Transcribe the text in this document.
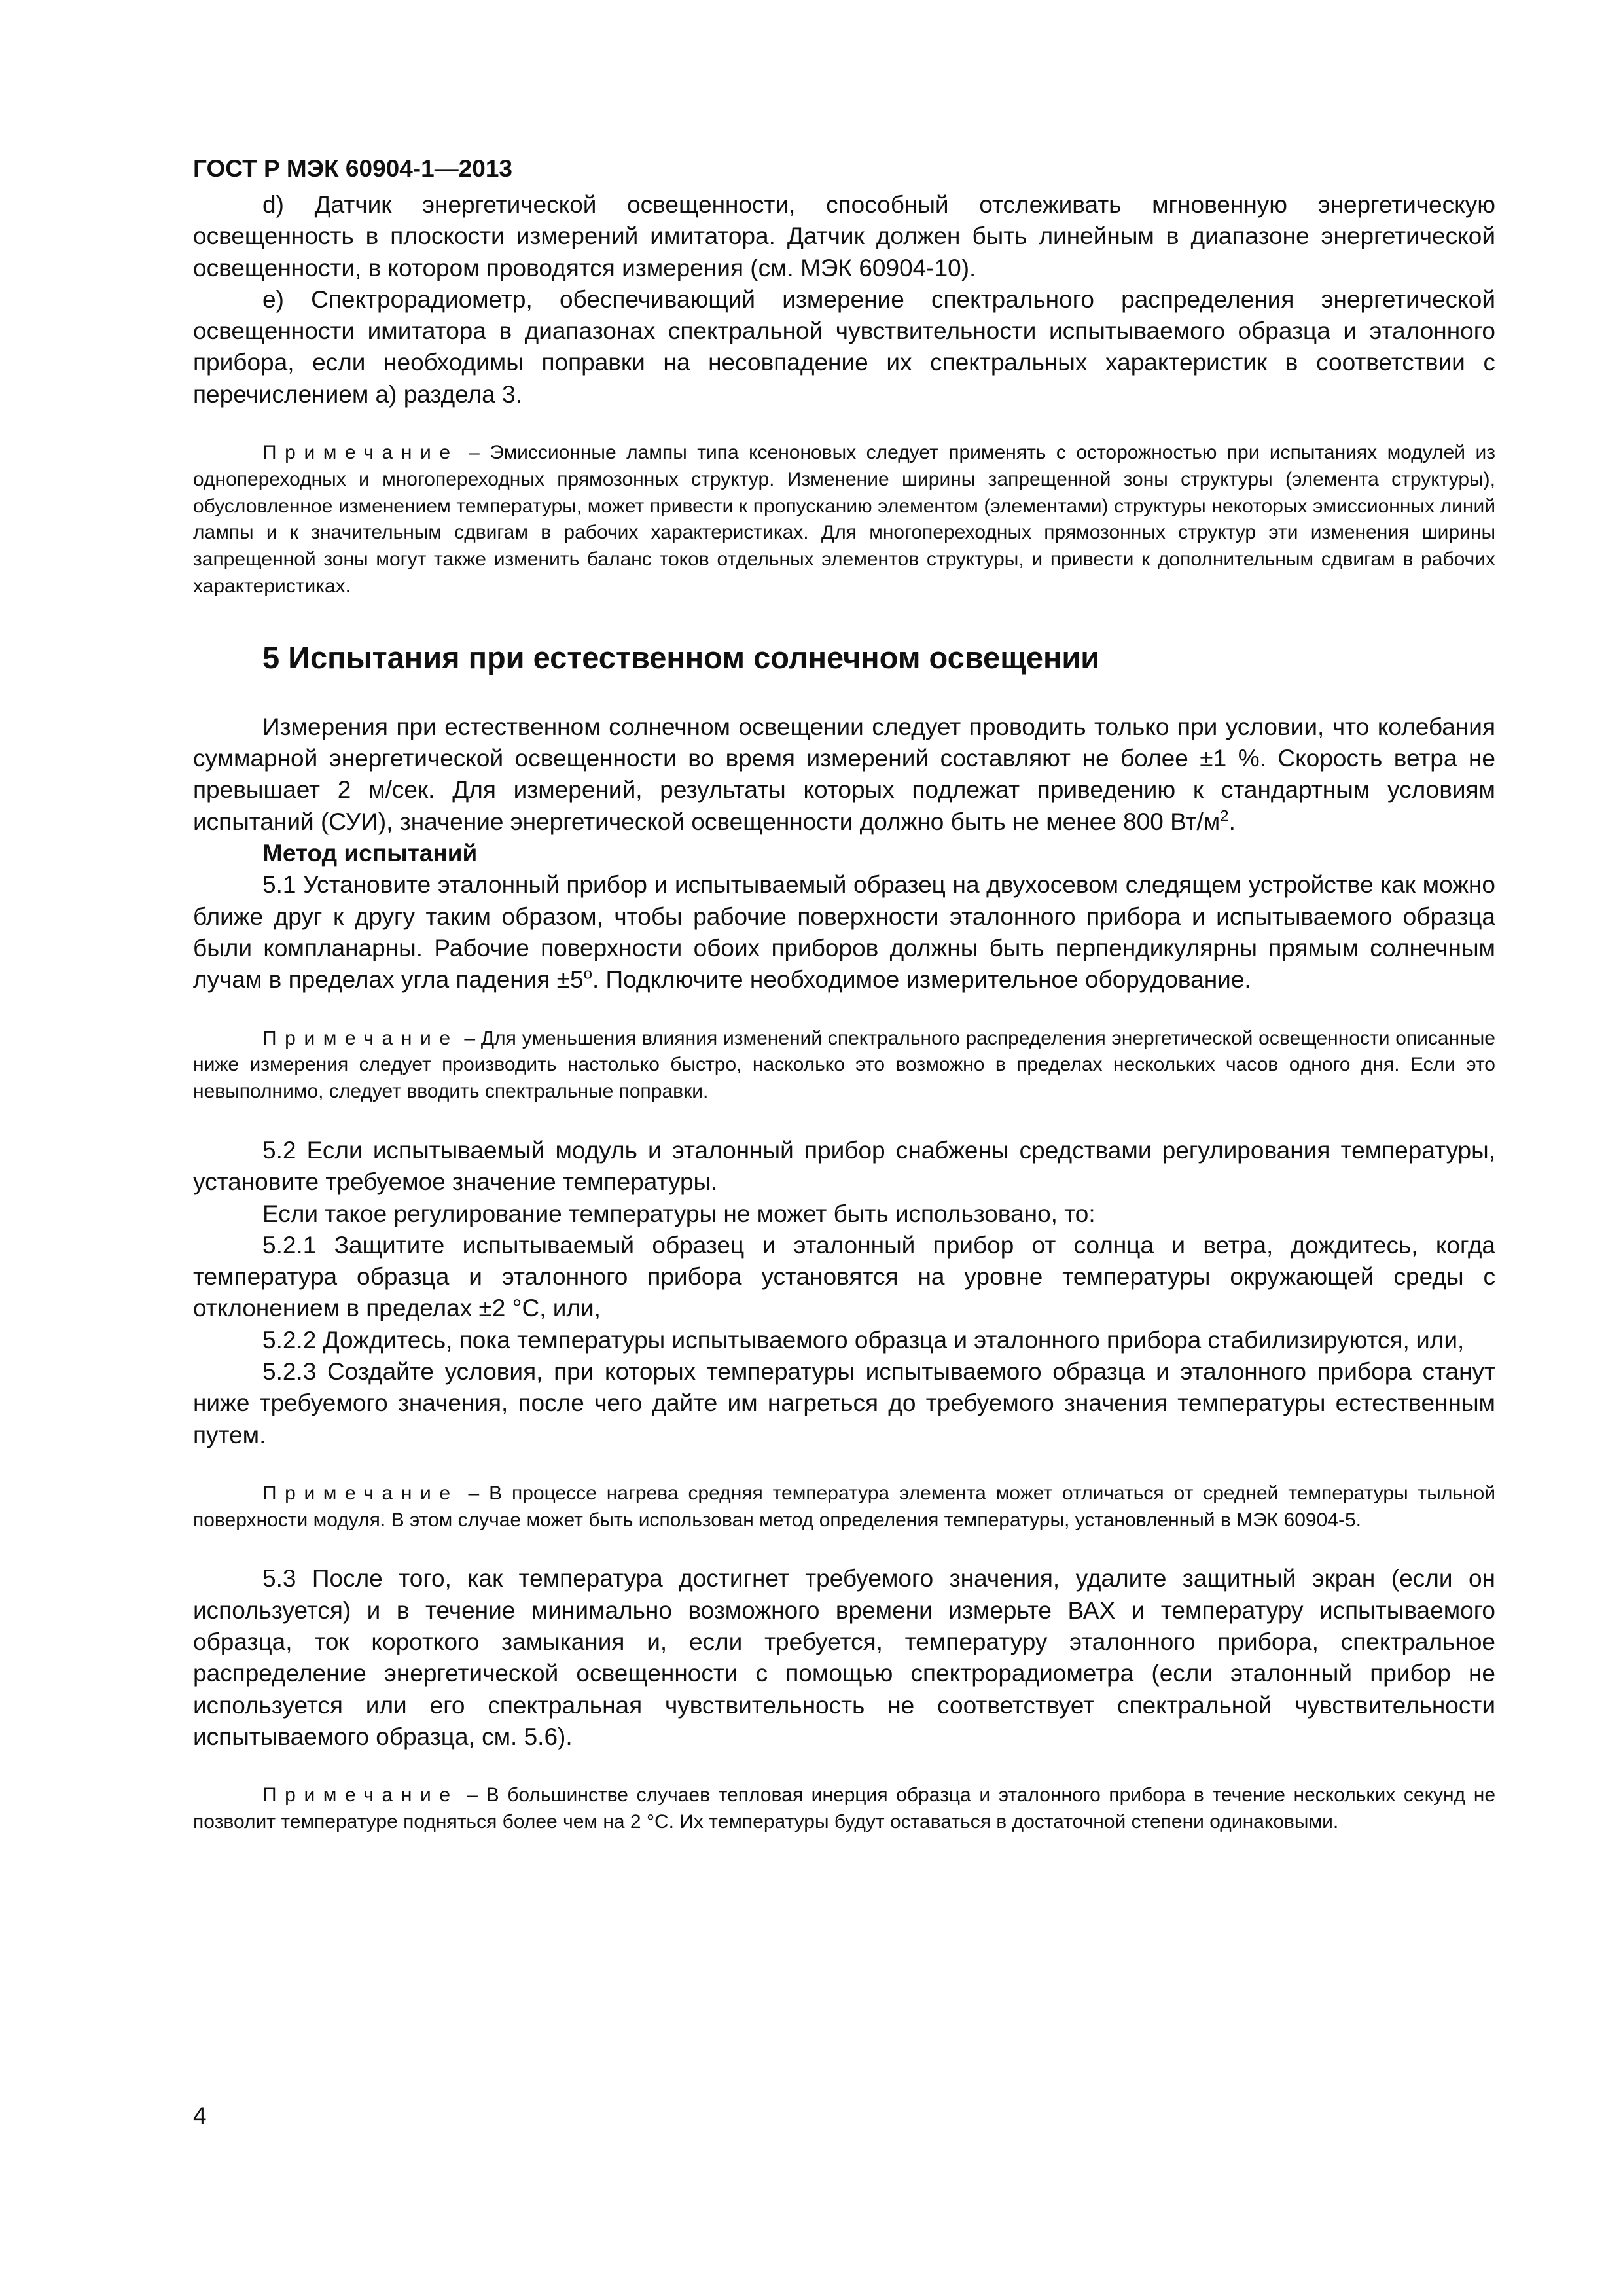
ГОСТ Р МЭК 60904-1—2013

d) Датчик энергетической освещенности, способный отслеживать мгновенную энергетическую освещенность в плоскости измерений имитатора. Датчик должен быть линейным в диапазоне энергетической освещенности, в котором проводятся измерения (см. МЭК 60904-10).

е) Спектрорадиометр, обеспечивающий измерение спектрального распределения энергетической освещенности имитатора в диапазонах спектральной чувствительности испытываемого образца и эталонного прибора, если необходимы поправки на несовпадение их спектральных характеристик в соответствии с перечислением а) раздела 3.

Примечание – Эмиссионные лампы типа ксеноновых следует применять с осторожностью при испытаниях модулей из однопереходных и многопереходных прямозонных структур. Изменение ширины запрещенной зоны структуры (элемента структуры), обусловленное изменением температуры, может привести к пропусканию элементом (элементами) структуры некоторых эмиссионных линий лампы и к значительным сдвигам в рабочих характеристиках. Для многопереходных прямозонных структур эти изменения ширины запрещенной зоны могут также изменить баланс токов отдельных элементов структуры, и привести к дополнительным сдвигам в рабочих характеристиках.

5 Испытания при естественном солнечном освещении

Измерения при естественном солнечном освещении следует проводить только при условии, что колебания суммарной энергетической освещенности во время измерений составляют не более ±1 %. Скорость ветра не превышает 2 м/сек. Для измерений, результаты которых подлежат приведению к стандартным условиям испытаний (СУИ), значение энергетической освещенности должно быть не менее 800 $Вт/м^2$.

Метод испытаний

5.1 Установите эталонный прибор и испытываемый образец на двухосевом следящем устройстве как можно ближе друг к другу таким образом, чтобы рабочие поверхности эталонного прибора и испытываемого образца были компланарны. Рабочие поверхности обоих приборов должны быть перпендикулярны прямым солнечным лучам в пределах угла падения $\pm 5^o$. Подключите необходимое измерительное оборудование.

Примечание – Для уменьшения влияния изменений спектрального распределения энергетической освещенности описанные ниже измерения следует производить настолько быстро, насколько это возможно в пределах нескольких часов одного дня. Если это невыполнимо, следует вводить спектральные поправки.

5.2 Если испытываемый модуль и эталонный прибор снабжены средствами регулирования температуры, установите требуемое значение температуры.

Если такое регулирование температуры не может быть использовано, то:

5.2.1 Защитите испытываемый образец и эталонный прибор от солнца и ветра, дождитесь, когда температура образца и эталонного прибора установятся на уровне температуры окружающей среды с отклонением в пределах ±2 °С, или,

5.2.2 Дождитесь, пока температуры испытываемого образца и эталонного прибора стабилизируются, или,

5.2.3 Создайте условия, при которых температуры испытываемого образца и эталонного прибора станут ниже требуемого значения, после чего дайте им нагреться до требуемого значения температуры естественным путем.

Примечание – В процессе нагрева средняя температура элемента может отличаться от средней температуры тыльной поверхности модуля. В этом случае может быть использован метод определения температуры, установленный в МЭК 60904-5.

5.3 После того, как температура достигнет требуемого значения, удалите защитный экран (если он используется) и в течение минимально возможного времени измерьте ВАХ и температуру испытываемого образца, ток короткого замыкания и, если требуется, температуру эталонного прибора, спектральное распределение энергетической освещенности с помощью спектрорадиометра (если эталонный прибор не используется или его спектральная чувствительность не соответствует спектральной чувствительности испытываемого образца, см. 5.6).

Примечание – В большинстве случаев тепловая инерция образца и эталонного прибора в течение нескольких секунд не позволит температуре подняться более чем на 2 °С. Их температуры будут оставаться в достаточной степени одинаковыми.

4
